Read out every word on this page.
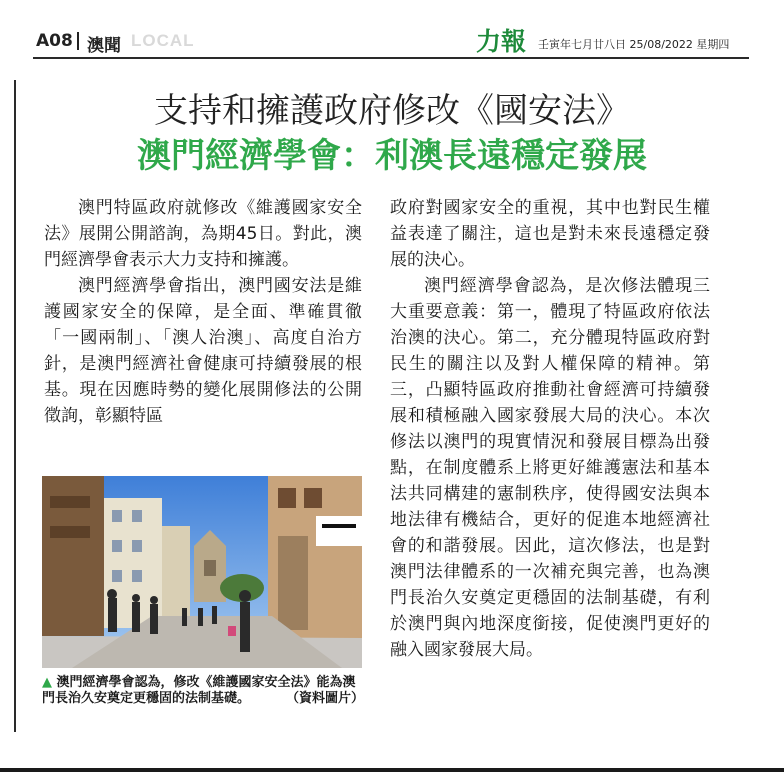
A08 澳聞 LOCAL	力報 壬寅年七月廿八日 25/08/2022 星期四
支持和擁護政府修改《國安法》
澳門經濟學會：利澳長遠穩定發展

澳門特區政府就修改《維護國家安全法》展開公開諮詢，為期45日。對此，澳門經濟學會表示大力支持和擁護。

澳門經濟學會指出，澳門國安法是維護國家安全的保障，是全面、準確貫徹「一國兩制」、「澳人治澳」、高度自治方針，是澳門經濟社會健康可持續發展的根基。現在因應時勢的變化展開修法的公開徵詢，彰顯特區

▲ 澳門經濟學會認為，修改《維護國家安全法》能為澳門長治久安奠定更穩固的法制基礎。	（資料圖片）

政府對國家安全的重視，其中也對民生權益表達了關注，這也是對未來長遠穩定發展的決心。

澳門經濟學會認為，是次修法體現三大重要意義：第一，體現了特區政府依法治澳的決心。第二，充分體現特區政府對民生的關注以及對人權保障的精神。第三，凸顯特區政府推動社會經濟可持續發展和積極融入國家發展大局的決心。本次修法以澳門的現實情況和發展目標為出發點，在制度體系上將更好維護憲法和基本法共同構建的憲制秩序，使得國安法與本地法律有機結合，更好的促進本地經濟社會的和諧發展。因此，這次修法，也是對澳門法律體系的一次補充與完善，也為澳門長治久安奠定更穩固的法制基礎，有利於澳門與內地深度銜接，促使澳門更好的融入國家發展大局。
